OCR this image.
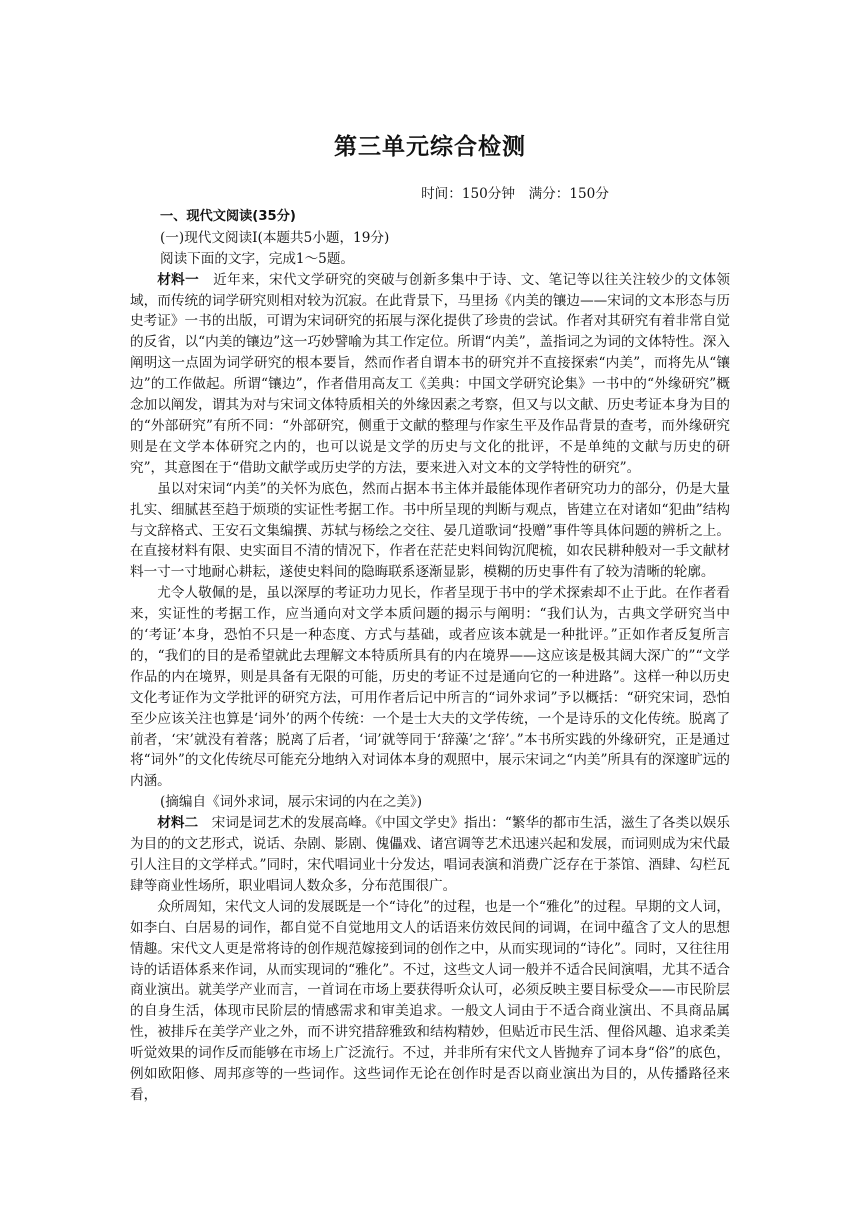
第三单元综合检测
时间：150分钟　满分：150分
一、现代文阅读(35分)
(一)现代文阅读Ⅰ(本题共5小题，19分)
阅读下面的文字，完成1～5题。

材料一　 近年来，宋代文学研究的突破与创新多集中于诗、文、笔记等以往关注较少的文体领域，而传统的词学研究则相对较为沉寂。在此背景下，马里扬《内美的镶边——宋词的文本形态与历史考证》一书的出版，可谓为宋词研究的拓展与深化提供了珍贵的尝试。作者对其研究有着非常自觉的反省，以“内美的镶边”这一巧妙譬喻为其工作定位。所谓“内美”，盖指词之为词的文体特性。深入阐明这一点固为词学研究的根本要旨，然而作者自谓本书的研究并不直接探索“内美”，而将先从“镶边”的工作做起。所谓“镶边”，作者借用高友工《美典：中国文学研究论集》一书中的“外缘研究”概念加以阐发，谓其为对与宋词文体特质相关的外缘因素之考察，但又与以文献、历史考证本身为目的的“外部研究”有所不同：“外部研究，侧重于文献的整理与作家生平及作品背景的查考，而外缘研究则是在文学本体研究之内的，也可以说是文学的历史与文化的批评，不是单纯的文献与历史的研究”，其意图在于“借助文献学或历史学的方法，要来进入对文本的文学特性的研究”。

虽以对宋词“内美”的关怀为底色，然而占据本书主体并最能体现作者研究功力的部分，仍是大量扎实、细腻甚至趋于烦琐的实证性考据工作。书中所呈现的判断与观点，皆建立在对诸如“犯曲”结构与文辞格式、王安石文集编撰、苏轼与杨绘之交往、晏几道歌词“投赠”事件等具体问题的辨析之上。在直接材料有限、史实面目不清的情况下，作者在茫茫史料间钩沉爬梳，如农民耕种般对一手文献材料一寸一寸地耐心耕耘，遂使史料间的隐晦联系逐渐显影，模糊的历史事件有了较为清晰的轮廓。

尤令人敬佩的是，虽以深厚的考证功力见长，作者呈现于书中的学术探索却不止于此。在作者看来，实证性的考据工作，应当通向对文学本质问题的揭示与阐明：“我们认为，古典文学研究当中的‘考证’本身，恐怕不只是一种态度、方式与基础，或者应该本就是一种批评。”正如作者反复所言的，“我们的目的是希望就此去理解文本特质所具有的内在境界——这应该是极其阔大深广的”“文学作品的内在境界，则是具备有无限的可能，历史的考证不过是通向它的一种进路”。这样一种以历史文化考证作为文学批评的研究方法，可用作者后记中所言的“词外求词”予以概括：“研究宋词，恐怕至少应该关注也算是‘词外’的两个传统：一个是士大夫的文学传统，一个是诗乐的文化传统。脱离了前者，‘宋’就没有着落；脱离了后者，‘词’就等同于‘辞藻’之‘辞’。”本书所实践的外缘研究，正是通过将“词外”的文化传统尽可能充分地纳入对词体本身的观照中，展示宋词之“内美”所具有的深邃旷远的内涵。

(摘编自《词外求词，展示宋词的内在之美》)

材料二　 宋词是词艺术的发展高峰。《中国文学史》指出：“繁华的都市生活，滋生了各类以娱乐为目的的文艺形式，说话、杂剧、影剧、傀儡戏、诸宫调等艺术迅速兴起和发展，而词则成为宋代最引人注目的文学样式。”同时，宋代唱词业十分发达，唱词表演和消费广泛存在于茶馆、酒肆、勾栏瓦肆等商业性场所，职业唱词人数众多，分布范围很广。

众所周知，宋代文人词的发展既是一个“诗化”的过程，也是一个“雅化”的过程。早期的文人词，如李白、白居易的词作，都自觉不自觉地用文人的话语来仿效民间的词调，在词中蕴含了文人的思想情趣。宋代文人更是常将诗的创作规范嫁接到词的创作之中，从而实现词的“诗化”。同时，又往往用诗的话语体系来作词，从而实现词的“雅化”。不过，这些文人词一般并不适合民间演唱，尤其不适合商业演出。就美学产业而言，一首词在市场上要获得听众认可，必须反映主要目标受众——市民阶层的自身生活，体现市民阶层的情感需求和审美追求。一般文人词由于不适合商业演出、不具商品属性，被排斥在美学产业之外，而不讲究措辞雅致和结构精妙，但贴近市民生活、俚俗风趣、追求柔美听觉效果的词作反而能够在市场上广泛流行。不过，并非所有宋代文人皆抛弃了词本身“俗”的底色，例如欧阳修、周邦彦等的一些词作。这些词作无论在创作时是否以商业演出为目的，从传播路径来看，
